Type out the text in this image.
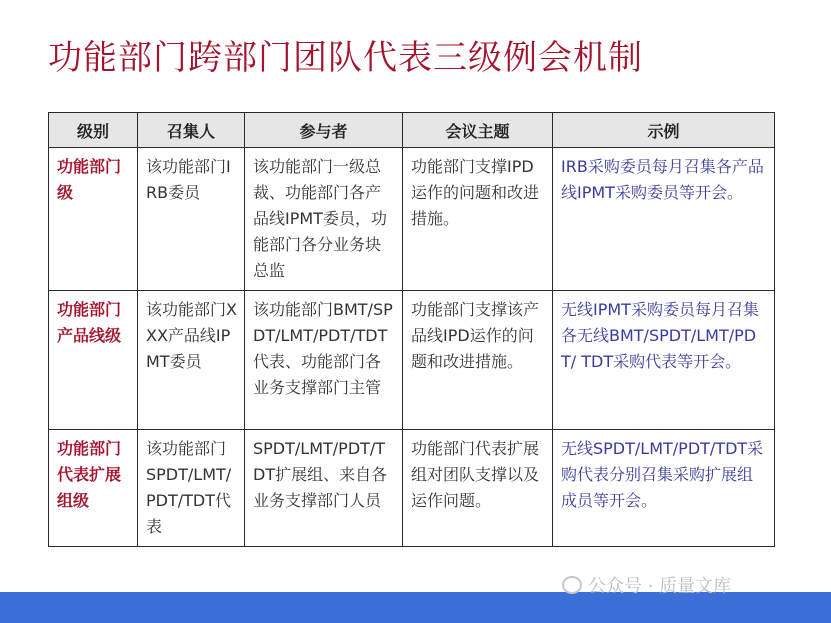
功能部门跨部门团队代表三级例会机制
级别	召集人	参与者	会议主题	示例
功能部门级	该功能部门IRB委员	该功能部门一级总裁、功能部门各产品线IPMT委员，功能部门各分业务块总监	功能部门支撑IPD运作的问题和改进措施。	IRB采购委员每月召集各产品线IPMT采购委员等开会。
功能部门产品线级	该功能部门XXX产品线IPMT委员	该功能部门BMT/SPDT/LMT/PDT/TDT代表、功能部门各业务支撑部门主管	功能部门支撑该产品线IPD运作的问题和改进措施。	无线IPMT采购委员每月召集各无线BMT/SPDT/LMT/PDT/ TDT采购代表等开会。
功能部门代表扩展组级	该功能部门 SPDT/LMT/PDT/TDT代表	SPDT/LMT/PDT/TDT扩展组、来自各业务支撑部门人员	功能部门代表扩展组对团队支撑以及运作问题。	无线SPDT/LMT/PDT/TDT采购代表分别召集采购扩展组成员等开会。
公众号 · 质量文库
